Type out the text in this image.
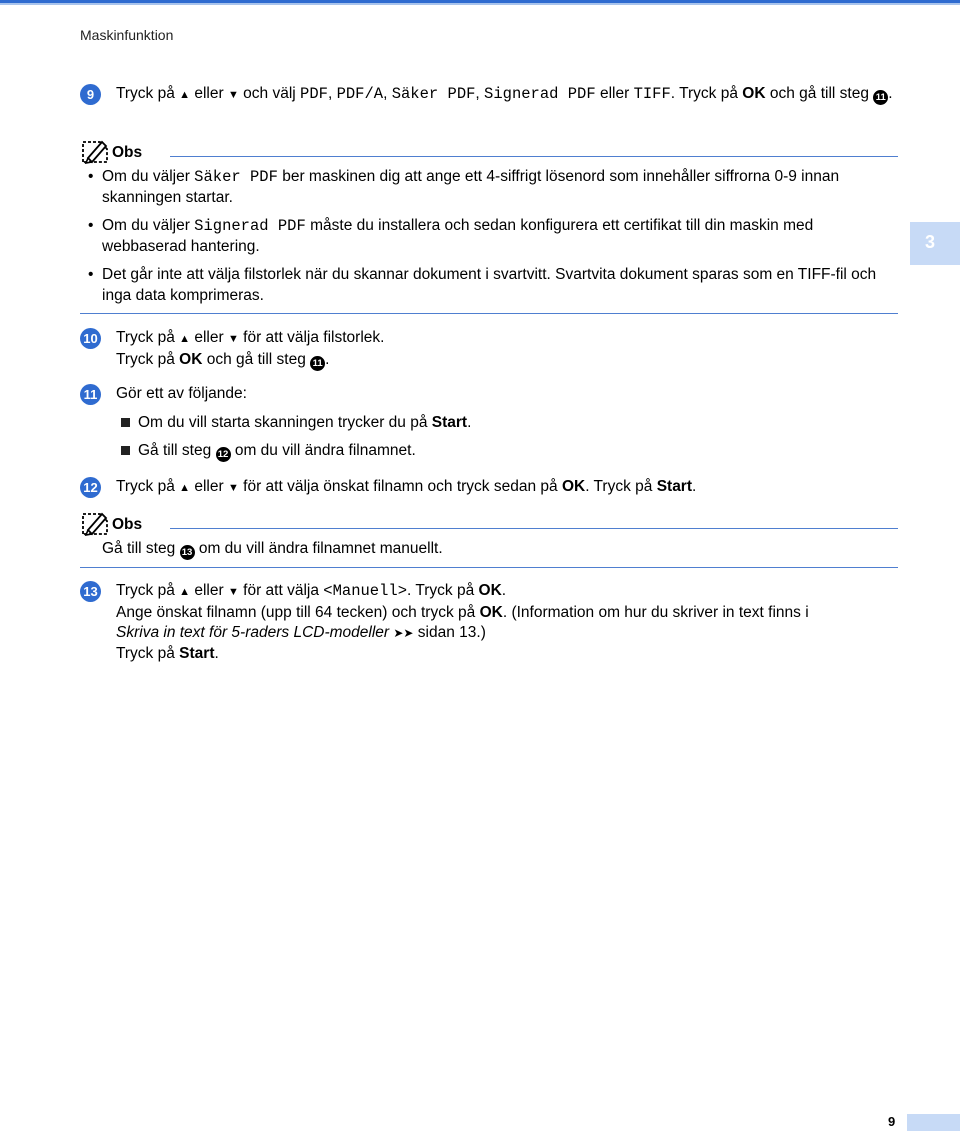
Maskinfunktion
9	Tryck på ▲ eller ▼ och välj PDF, PDF/A, Säker PDF, Signerad PDF eller TIFF. Tryck på OK och gå till steg 11 .
Obs
• Om du väljer Säker PDF ber maskinen dig att ange ett 4-siffrigt lösenord som innehåller siffrorna 0-9 innan skanningen startar.
• Om du väljer Signerad PDF måste du installera och sedan konfigurera ett certifikat till din maskin med webbaserad hantering.
• Det går inte att välja filstorlek när du skannar dokument i svartvitt. Svartvita dokument sparas som en TIFF-fil och inga data komprimeras.
10 Tryck på ▲ eller ▼ för att välja filstorlek.
Tryck på OK och gå till steg 11 .
11 Gör ett av följande:
Om du vill starta skanningen trycker du på Start.
Gå till steg 12 om du vill ändra filnamnet.
12 Tryck på ▲ eller ▼ för att välja önskat filnamn och tryck sedan på OK. Tryck på Start.
Obs
Gå till steg 13 om du vill ändra filnamnet manuellt.
13 Tryck på ▲ eller ▼ för att välja <Manuell>. Tryck på OK.
Ange önskat filnamn (upp till 64 tecken) och tryck på OK. (Information om hur du skriver in text finns i
Skriva in text för 5-raders LCD-modeller ➤➤ sidan 13.)
Tryck på Start.
3
9
